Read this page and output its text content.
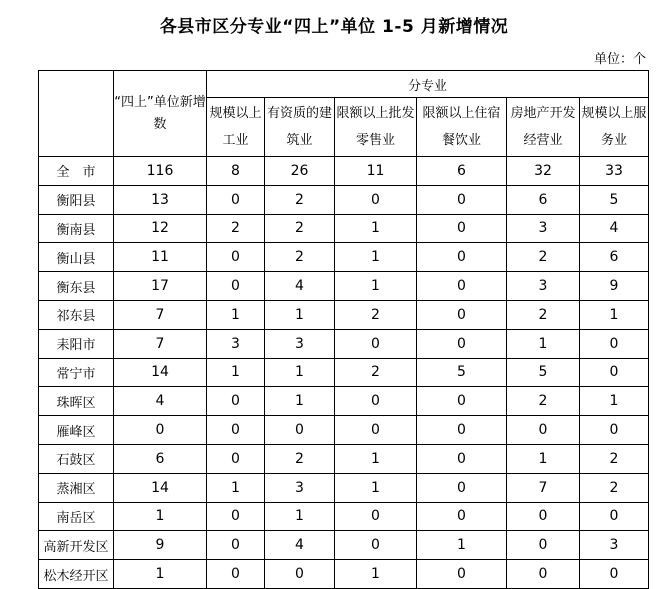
各县市区分专业“四上”单位 1-5 月新增情况
单位：个
	“四上”单位新增数	分专业					
		规模以上工业	有资质的建筑业	限额以上批发零售业	限额以上住宿餐饮业	房地产开发经营业	规模以上服务业
全　市	116	8	26	11	6	32	33
衡阳县	13	0	2	0	0	6	5
衡南县	12	2	2	1	0	3	4
衡山县	11	0	2	1	0	2	6
衡东县	17	0	4	1	0	3	9
祁东县	7	1	1	2	0	2	1
耒阳市	7	3	3	0	0	1	0
常宁市	14	1	1	2	5	5	0
珠晖区	4	0	1	0	0	2	1
雁峰区	0	0	0	0	0	0	0
石鼓区	6	0	2	1	0	1	2
蒸湘区	14	1	3	1	0	7	2
南岳区	1	0	1	0	0	0	0
高新开发区	9	0	4	0	1	0	3
松木经开区	1	0	0	1	0	0	0
